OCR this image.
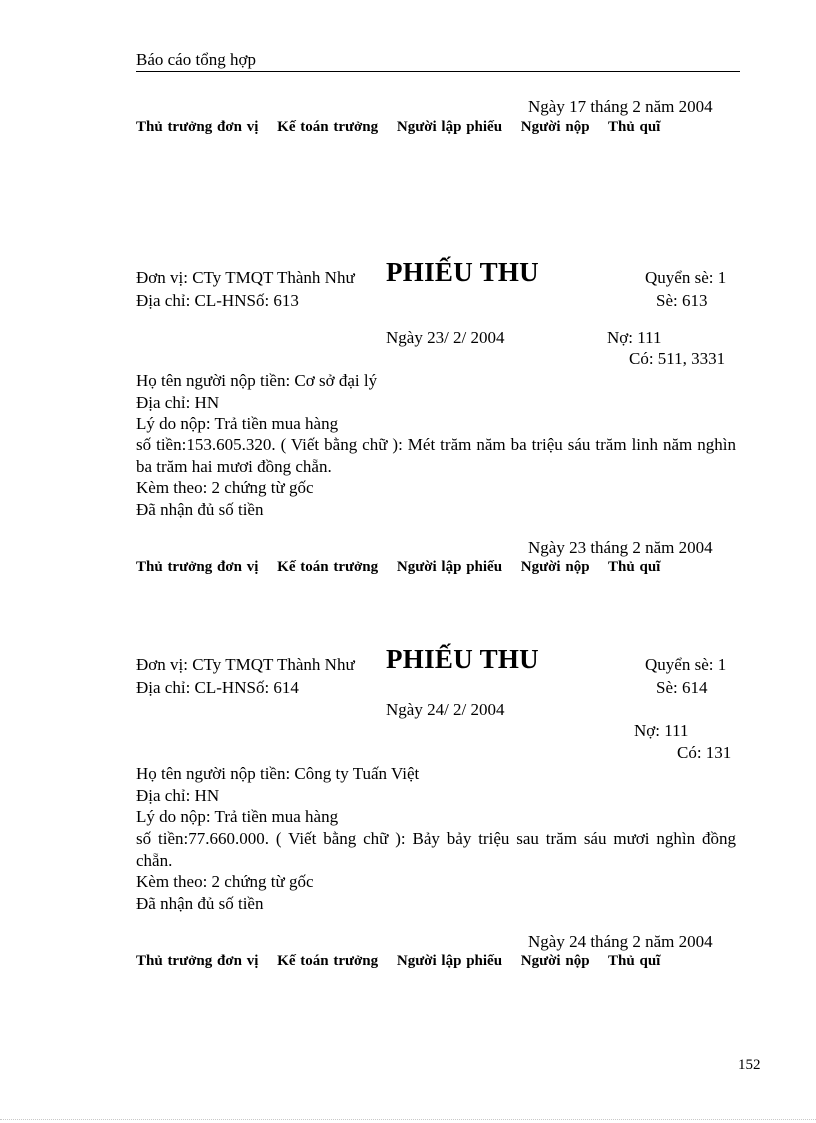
Báo cáo tổng hợp
Ngày 17 tháng 2 năm 2004
Thủ trưởng đơn vị Kế toán trưởng Người lập phiếu Người nộp Thủ quĩ
Đơn vị: CTy TMQT Thành Như PHIẾU THU	Quyển sè: 1
Địa chỉ: CL-HNSố: 613	Sè: 613
Ngày 23/ 2/ 2004	Nợ: 111
Có: 511, 3331
Họ tên người nộp tiền: Cơ sở đại lý
Địa chỉ: HN
Lý do nộp: Trả tiền mua hàng
số tiền:153.605.320. ( Viết bằng chữ ): Mét trăm năm ba triệu sáu trăm linh năm nghìn ba trăm hai mươi đồng chẵn.
Kèm theo: 2 chứng từ gốc
Đã nhận đủ số tiền
Ngày 23 tháng 2 năm 2004
Thủ trưởng đơn vị Kế toán trưởng Người lập phiếu Người nộp Thủ quĩ
Đơn vị: CTy TMQT Thành Như PHIẾU THU	Quyển sè: 1
Địa chỉ: CL-HNSố: 614	Sè: 614
Ngày 24/ 2/ 2004
Nợ: 111
Có: 131
Họ tên người nộp tiền: Công ty Tuấn Việt
Địa chỉ: HN
Lý do nộp: Trả tiền mua hàng
số tiền:77.660.000. ( Viết bằng chữ ): Bảy bảy triệu sau trăm sáu mươi nghìn đồng chẵn.
Kèm theo: 2 chứng từ gốc
Đã nhận đủ số tiền
Ngày 24 tháng 2 năm 2004
Thủ trưởng đơn vị Kế toán trưởng Người lập phiếu Người nộp Thủ quĩ
152
